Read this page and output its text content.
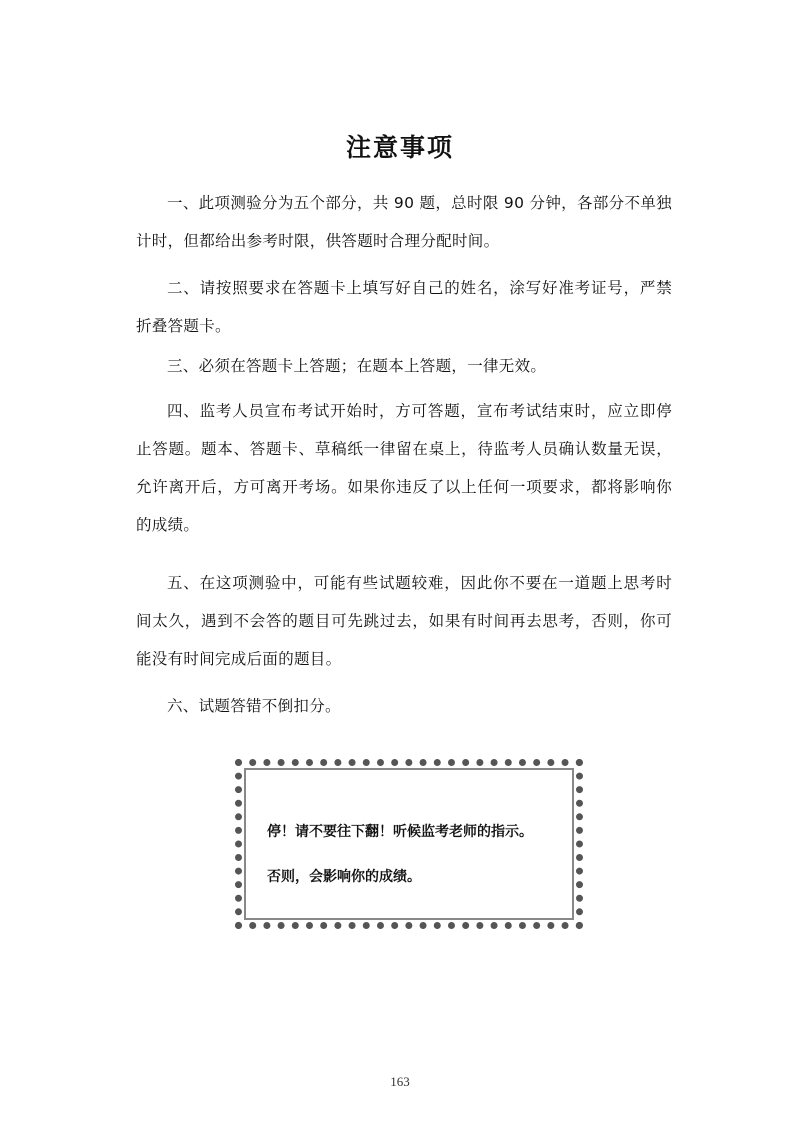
注意事项
一、此项测验分为五个部分，共 90 题，总时限 90 分钟，各部分不单独计时，但都给出参考时限，供答题时合理分配时间。
二、请按照要求在答题卡上填写好自己的姓名，涂写好准考证号，严禁折叠答题卡。
三、必须在答题卡上答题；在题本上答题，一律无效。
四、监考人员宣布考试开始时，方可答题，宣布考试结束时，应立即停止答题。题本、答题卡、草稿纸一律留在桌上，待监考人员确认数量无误，允许离开后，方可离开考场。如果你违反了以上任何一项要求，都将影响你的成绩。
五、在这项测验中，可能有些试题较难，因此你不要在一道题上思考时间太久，遇到不会答的题目可先跳过去，如果有时间再去思考，否则，你可能没有时间完成后面的题目。
六、试题答错不倒扣分。
停！请不要往下翻！听候监考老师的指示。
否则，会影响你的成绩。
163
